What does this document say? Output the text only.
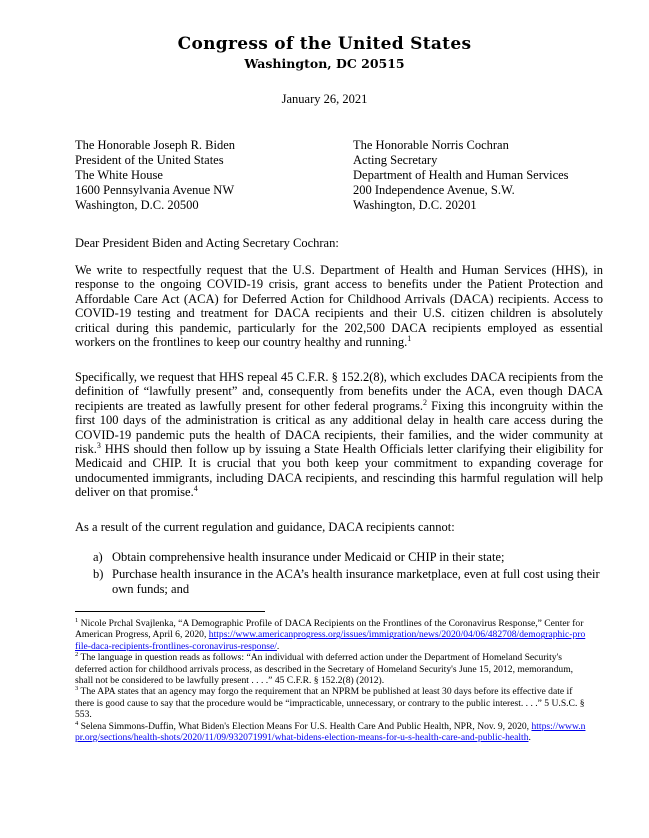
Congress of the United States
Washington, DC 20515
January 26, 2021
The Honorable Joseph R. Biden
President of the United States
The White House
1600 Pennsylvania Avenue NW
Washington, D.C. 20500
The Honorable Norris Cochran
Acting Secretary
Department of Health and Human Services
200 Independence Avenue, S.W.
Washington, D.C. 20201
Dear President Biden and Acting Secretary Cochran:

We write to respectfully request that the U.S. Department of Health and Human Services (HHS), in response to the ongoing COVID-19 crisis, grant access to benefits under the Patient Protection and Affordable Care Act (ACA) for Deferred Action for Childhood Arrivals (DACA) recipients. Access to COVID-19 testing and treatment for DACA recipients and their U.S. citizen children is absolutely critical during this pandemic, particularly for the 202,500 DACA recipients employed as essential workers on the frontlines to keep our country healthy and running.$^1$

Specifically, we request that HHS repeal 45 C.F.R. § 152.2(8), which excludes DACA recipients from the definition of “lawfully present” and, consequently from benefits under the ACA, even though DACA recipients are treated as lawfully present for other federal programs.$^2$ Fixing this incongruity within the first 100 days of the administration is critical as any additional delay in health care access during the COVID-19 pandemic puts the health of DACA recipients, their families, and the wider community at risk.$^3$ HHS should then follow up by issuing a State Health Officials letter clarifying their eligibility for Medicaid and CHIP. It is crucial that you both keep your commitment to expanding coverage for undocumented immigrants, including DACA recipients, and rescinding this harmful regulation will help deliver on that promise.$^4$

As a result of the current regulation and guidance, DACA recipients cannot:
a) Obtain comprehensive health insurance under Medicaid or CHIP in their state;
b) Purchase health insurance in the ACA’s health insurance marketplace, even at full cost using their own funds; and

$^1$ Nicole Prchal Svajlenka, “A Demographic Profile of DACA Recipients on the Frontlines of the Coronavirus Response,” Center for American Progress, April 6, 2020, https://www.americanprogress.org/issues/immigration/news/2020/04/06/482708/demographic-profile-daca-recipients-frontlines-coronavirus-response/.

$^2$ The language in question reads as follows: “An individual with deferred action under the Department of Homeland Security's deferred action for childhood arrivals process, as described in the Secretary of Homeland Security's June 15, 2012, memorandum, shall not be considered to be lawfully present . . . .” 45 C.F.R. § 152.2(8) (2012).

$^3$ The APA states that an agency may forgo the requirement that an NPRM be published at least 30 days before its effective date if there is good cause to say that the procedure would be “impracticable, unnecessary, or contrary to the public interest. . . .” 5 U.S.C. § 553.

$^4$ Selena Simmons-Duffin, What Biden's Election Means For U.S. Health Care And Public Health, NPR, Nov. 9, 2020, https://www.npr.org/sections/health-shots/2020/11/09/932071991/what-bidens-election-means-for-u-s-health-care-and-public-health.
